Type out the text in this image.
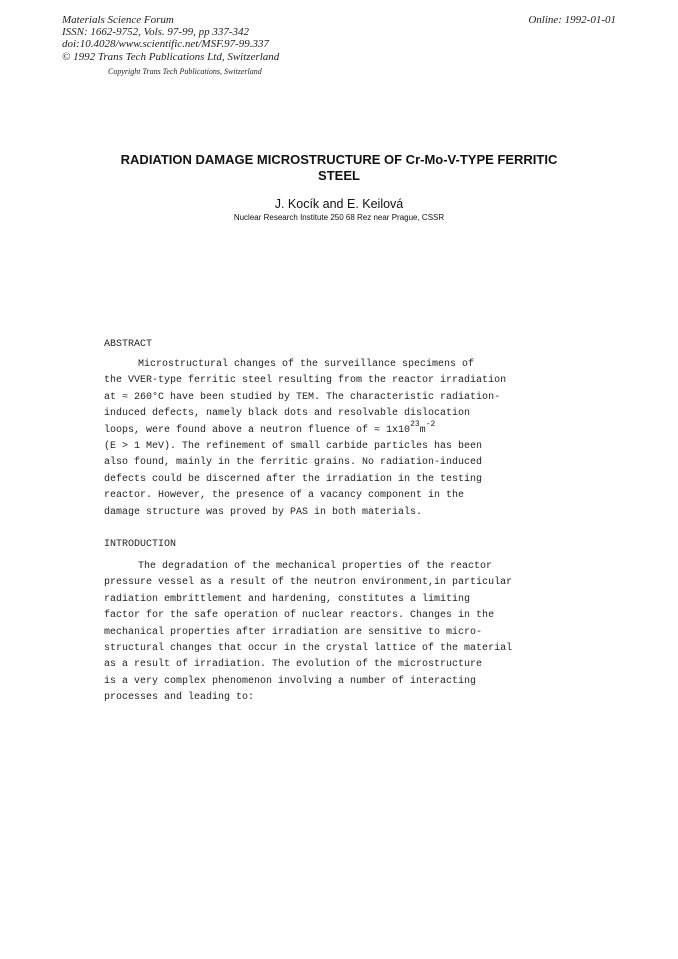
Materials Science Forum
ISSN: 1662-9752, Vols. 97-99, pp 337-342
doi:10.4028/www.scientific.net/MSF.97-99.337
© 1992 Trans Tech Publications Ltd, Switzerland
Online: 1992-01-01
Copyright Trans Tech Publications, Switzerland
RADIATION DAMAGE MICROSTRUCTURE OF Cr-Mo-V-TYPE FERRITIC
STEEL
J. Kocík and E. Keilová
Nuclear Research Institute 250 68 Rez near Prague, CSSR
ABSTRACT
Microstructural changes of the surveillance specimens of
the VVER-type ferritic steel resulting from the reactor irradiation
at ≈ 260°C have been studied by TEM. The characteristic radiation-
induced defects, namely black dots and resolvable dislocation
loops, were found above a neutron fluence of ≈ $1x10^{23}m^{-2}$
(E > 1 MeV). The refinement of small carbide particles has been
also found, mainly in the ferritic grains. No radiation-induced
defects could be discerned after the irradiation in the testing
reactor. However, the presence of a vacancy component in the
damage structure was proved by PAS in both materials.
INTRODUCTION
The degradation of the mechanical properties of the reactor
pressure vessel as a result of the neutron environment,in particular
radiation embrittlement and hardening, constitutes a limiting
factor for the safe operation of nuclear reactors. Changes in the
mechanical properties after irradiation are sensitive to micro-
structural changes that occur in the crystal lattice of the material
as a result of irradiation. The evolution of the microstructure
is a very complex phenomenon involving a number of interacting
processes and leading to:
